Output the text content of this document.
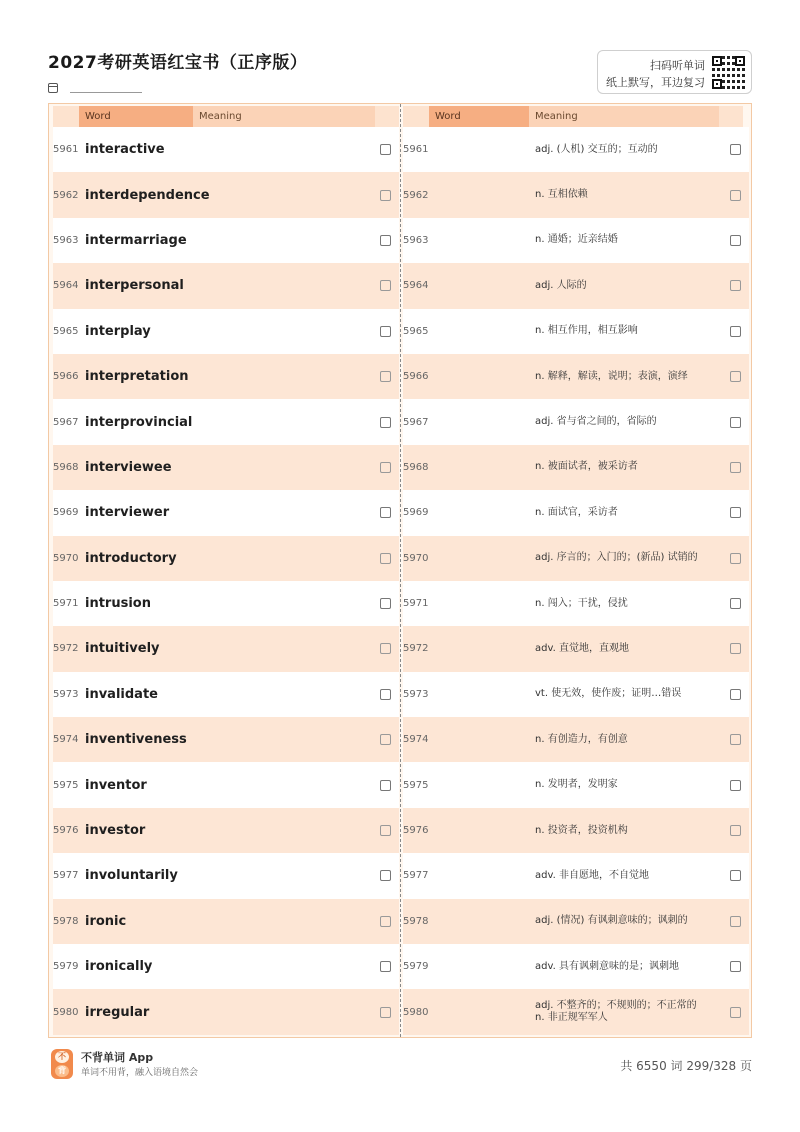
2027考研英语红宝书（正序版）	扫码听单词
纸上默写，耳边复习
Word	Meaning
5961 interactive
5962 interdependence
5963 intermarriage
5964 interpersonal
5965 interplay
5966 interpretation
5967 interprovincial
5968 interviewee
5969 interviewer
5970 introductory
5971 intrusion
5972 intuitively
5973 invalidate
5974 inventiveness
5975 inventor
5976 investor
5977 involuntarily
5978 ironic
5979 ironically
5980 irregular
Word	Meaning
5961	adj. (人机) 交互的；互动的
5962	n. 互相依赖
5963	n. 通婚；近亲结婚
5964	adj. 人际的
5965	n. 相互作用，相互影响
5966	n. 解释，解读，说明；表演，演绎
5967	adj. 省与省之间的，省际的
5968	n. 被面试者，被采访者
5969	n. 面试官，采访者
5970	adj. 序言的；入门的；(新品) 试销的
5971	n. 闯入；干扰，侵扰
5972	adv. 直觉地，直观地
5973	vt. 使无效，使作废；证明…错误
5974	n. 有创造力，有创意
5975	n. 发明者，发明家
5976	n. 投资者，投资机构
5977	adv. 非自愿地，不自觉地
5978	adj. (情况) 有讽刺意味的；讽刺的
5979	adv. 具有讽刺意味的是；讽刺地
5980
adj. 不整齐的；不规则的；不正常的
n. 非正规军军人
不
背
不背单词 App
单词不用背，融入语境自然会	共 6550 词 299/328 页
